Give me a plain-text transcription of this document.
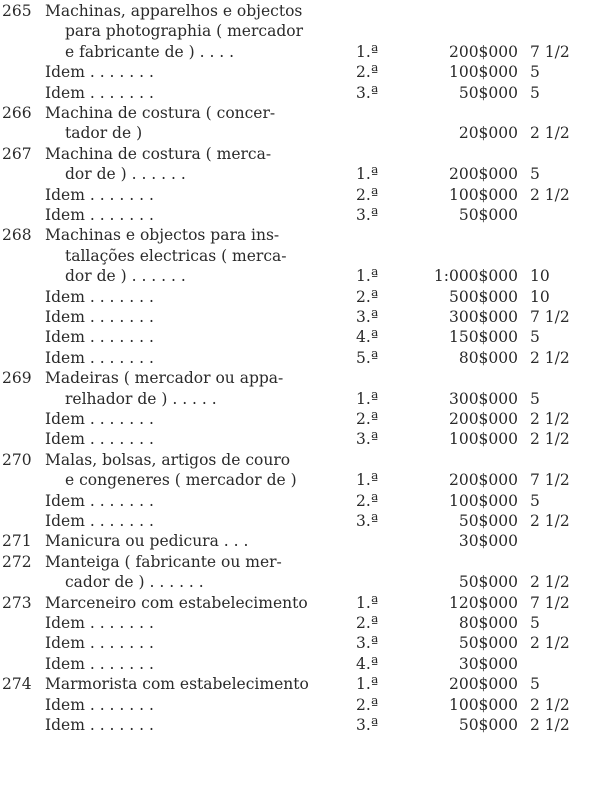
265 Machinas, apparelhos e objectos
para photographia ( mercador
e fabricante de ) . . . .	1.ª	200$000 7 1/2
Idem . . . . . . .	2.ª	100$000 5
Idem . . . . . . .	3.ª	50$000 5
266 Machina de costura ( concer-
tador de )	20$000 2 1/2
267 Machina de costura ( merca-
dor de ) . . . . . .	1.ª	200$000 5
Idem . . . . . . .	2.ª	100$000 2 1/2
Idem . . . . . . .	3.ª	50$000
268 Machinas e objectos para ins-
tallações electricas ( merca-
dor de ) . . . . . .	1.ª	1:000$000 10
Idem . . . . . . .	2.ª	500$000 10
Idem . . . . . . .	3.ª	300$000 7 1/2
Idem . . . . . . .	4.ª	150$000 5
Idem . . . . . . .	5.ª	80$000 2 1/2
269 Madeiras ( mercador ou appa-
relhador de ) . . . . .	1.ª	300$000 5
Idem . . . . . . .	2.ª	200$000 2 1/2
Idem . . . . . . .	3.ª	100$000 2 1/2
270 Malas, bolsas, artigos de couro
e congeneres ( mercador de )	1.ª	200$000 7 1/2
Idem . . . . . . .	2.ª	100$000 5
Idem . . . . . . .	3.ª	50$000 2 1/2
271 Manicura ou pedicura . . .	30$000
272 Manteiga ( fabricante ou mer-
cador de ) . . . . . .	50$000 2 1/2
273 Marceneiro com estabelecimento	1.ª	120$000 7 1/2
Idem . . . . . . .	2.ª	80$000 5
Idem . . . . . . .	3.ª	50$000 2 1/2
Idem . . . . . . .	4.ª	30$000
274 Marmorista com estabelecimento	1.ª	200$000 5
Idem . . . . . . .	2.ª	100$000 2 1/2
Idem . . . . . . .	3.ª	50$000 2 1/2
